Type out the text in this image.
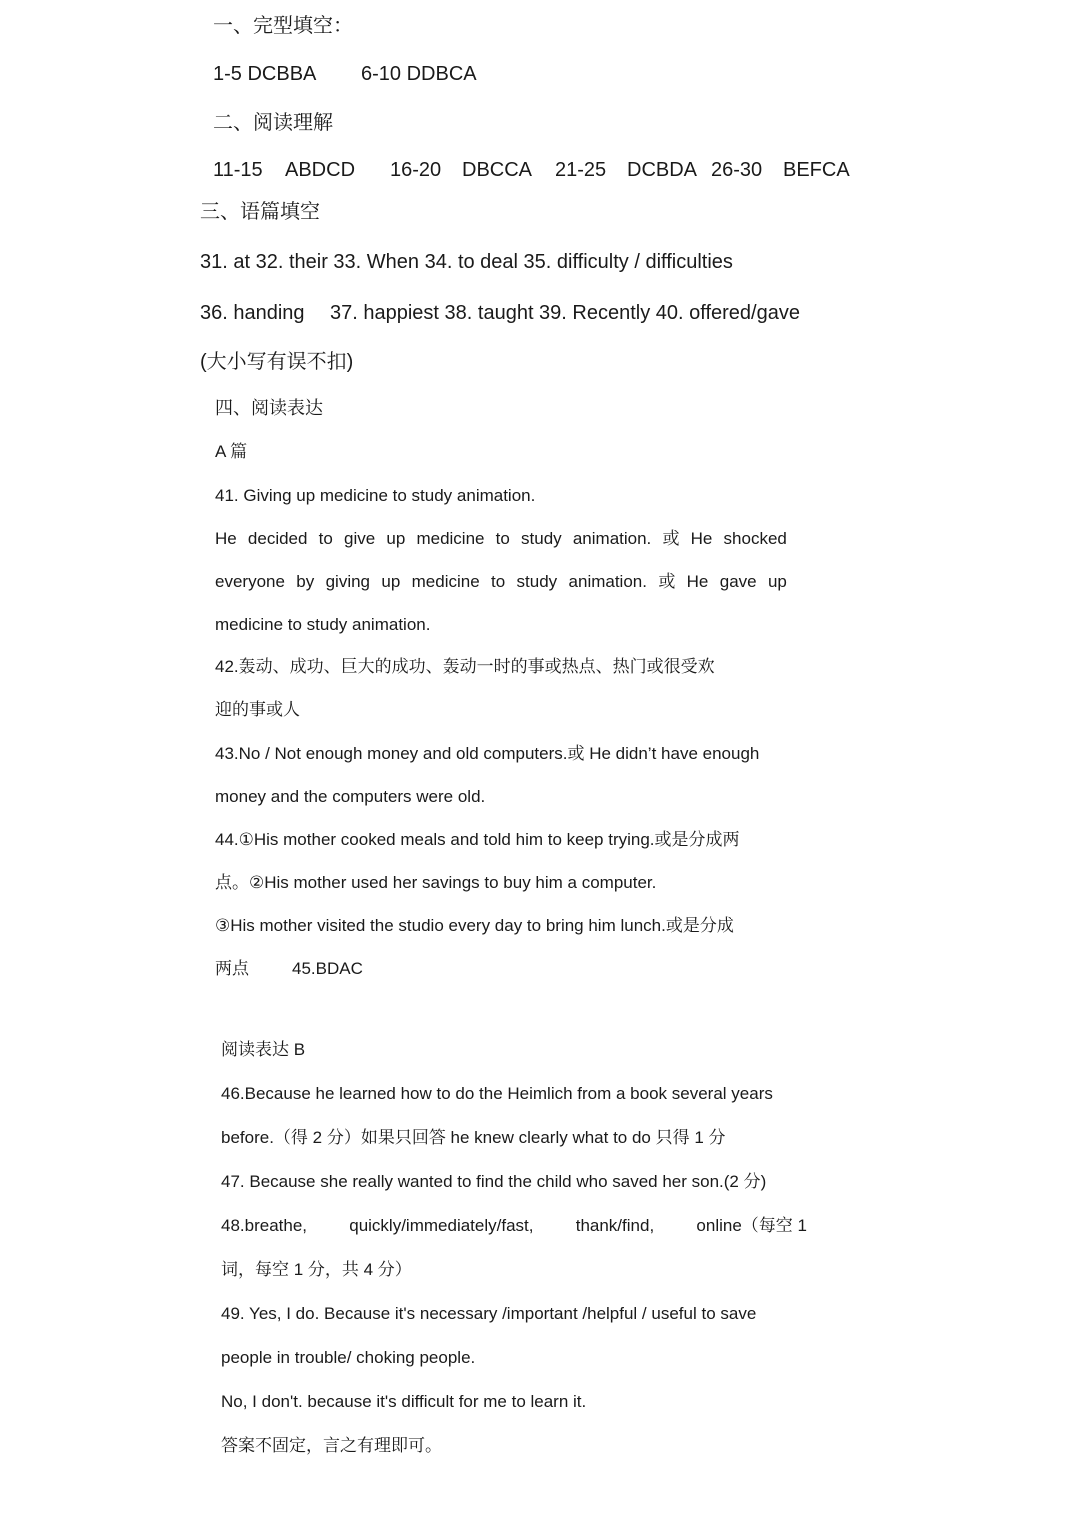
一、完型填空：
1-5 DCBBA 6-10 DDBCA
二、阅读理解
11-15 ABDCD 16-20 DBCCA 21-25 DCBDA 26-30 BEFCA
三、语篇填空
31. at 32. their 33. When 34. to deal 35. difficulty / difficulties
36. handing 37. happiest 38. taught 39. Recently 40. offered/gave
(大小写有误不扣)
四、阅读表达
A 篇
41. Giving up medicine to study animation.
He decided to give up medicine to study animation. 或 He shocked
everyone by giving up medicine to study animation. 或 He gave up
medicine to study animation.
42.轰动、成功、巨大的成功、轰动一时的事或热点、热门或很受欢
迎的事或人
43.No / Not enough money and old computers.或 He didn’t have enough
money and the computers were old.
44.①His mother cooked meals and told him to keep trying.或是分成两
点。②His mother used her savings to buy him a computer.
③His mother visited the studio every day to bring him lunch.或是分成
两点	45.BDAC
阅读表达 B
46.Because he learned how to do the Heimlich from a book several years
before.（得 2 分）如果只回答 he knew clearly what to do 只得 1 分
47. Because she really wanted to find the child who saved her son.(2 分)
48.breathe, quickly/immediately/fast, thank/find, online（每空 1
词，每空 1 分，共 4 分）
49. Yes, I do. Because it's necessary /important /helpful / useful to save
people in trouble/ choking people.
No, I don't. because it's difficult for me to learn it.
答案不固定，言之有理即可。
